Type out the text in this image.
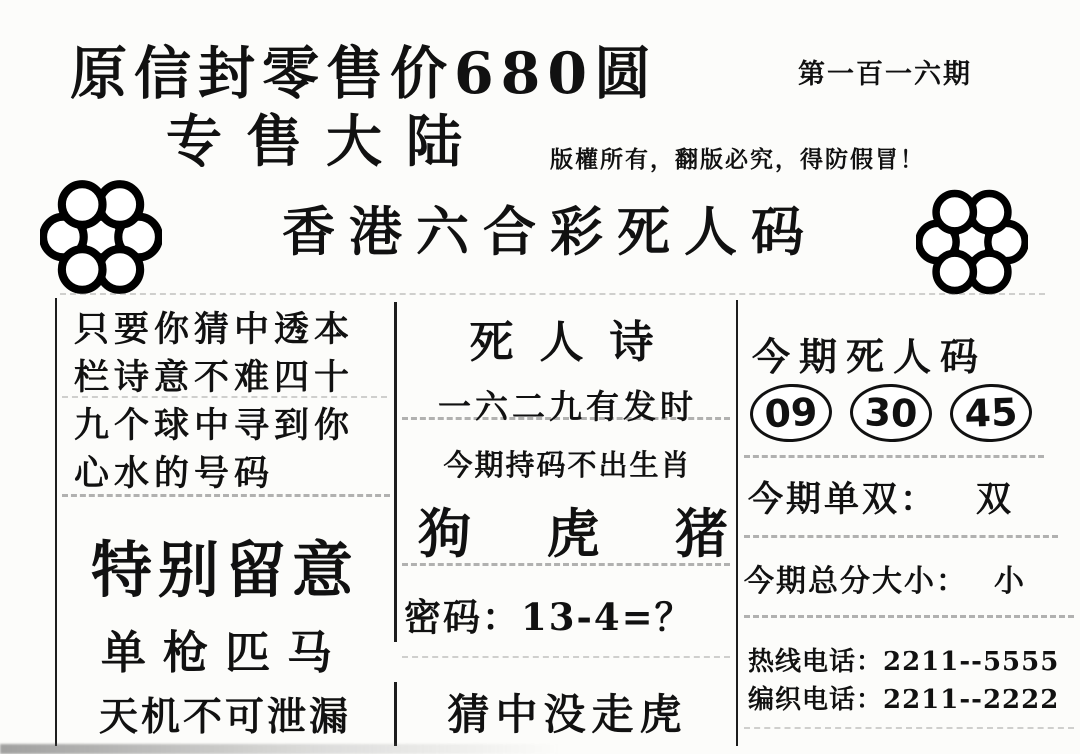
原信封零售价680圆	第一百一六期
专售大陆	版權所有，翻版必究，得防假冒！
香港六合彩死人码
只要你猜中透本
栏诗意不难四十
九个球中寻到你
心水的号码
特别留意
单枪匹马
天机不可泄漏
死人诗
一六二九有发时
今期持码不出生肖
狗 虎 猪
密码：13-4=？
猜中没走虎
今期死人码
09	30	45
今期单双： 双
今期总分大小： 小
热线电话：2211--5555
编织电话：2211--2222
